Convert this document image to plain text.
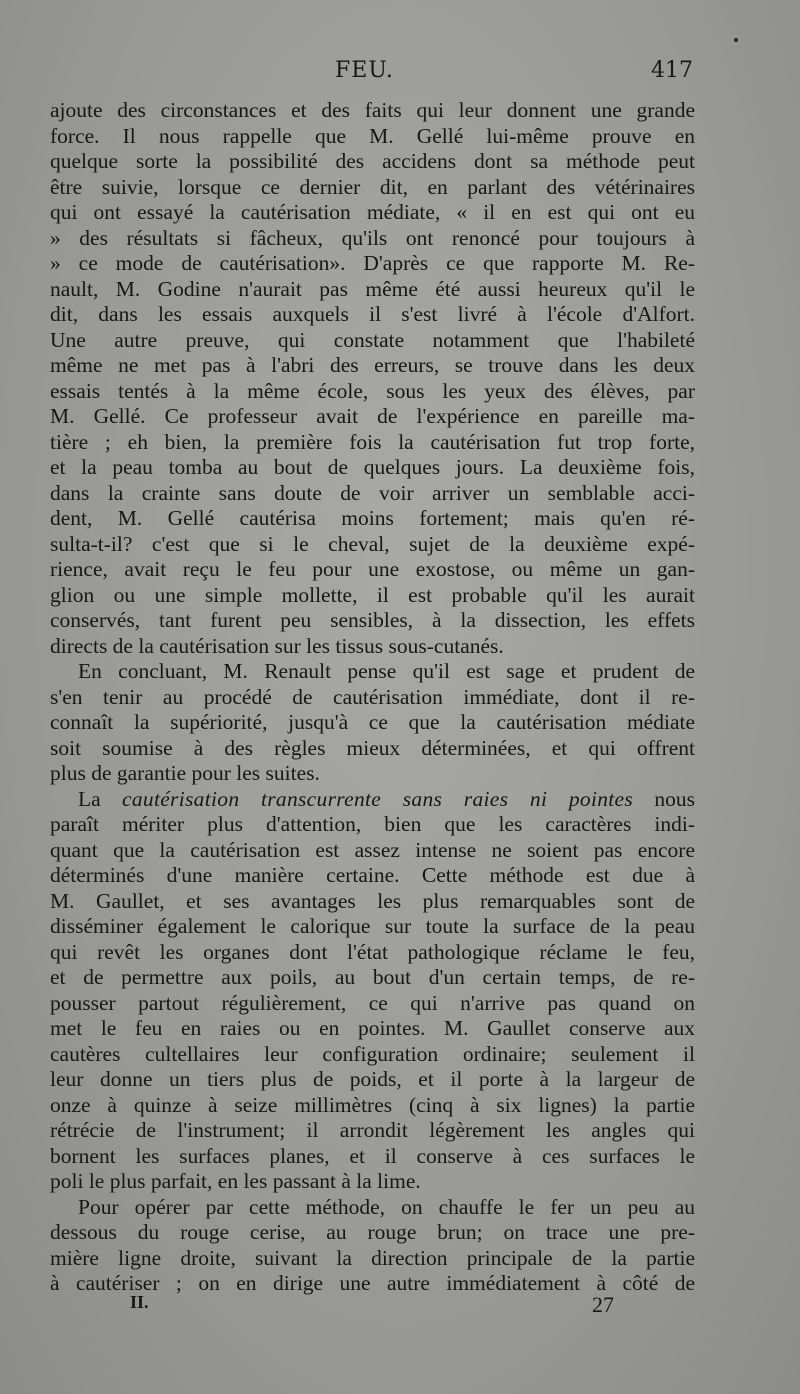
FEU.	417
ajoute des circonstances et des faits qui leur donnent une grande
force. Il nous rappelle que M. Gellé lui-même prouve en
quelque sorte la possibilité des accidens dont sa méthode peut
être suivie, lorsque ce dernier dit, en parlant des vétérinaires
qui ont essayé la cautérisation médiate, « il en est qui ont eu
» des résultats si fâcheux, qu'ils ont renoncé pour toujours à
» ce mode de cautérisation». D'après ce que rapporte M. Re-
nault, M. Godine n'aurait pas même été aussi heureux qu'il le
dit, dans les essais auxquels il s'est livré à l'école d'Alfort.
Une autre preuve, qui constate notamment que l'habileté
même ne met pas à l'abri des erreurs, se trouve dans les deux
essais tentés à la même école, sous les yeux des élèves, par
M. Gellé. Ce professeur avait de l'expérience en pareille ma-
tière ; eh bien, la première fois la cautérisation fut trop forte,
et la peau tomba au bout de quelques jours. La deuxième fois,
dans la crainte sans doute de voir arriver un semblable acci-
dent, M. Gellé cautérisa moins fortement; mais qu'en ré-
sulta-t-il? c'est que si le cheval, sujet de la deuxième expé-
rience, avait reçu le feu pour une exostose, ou même un gan-
glion ou une simple mollette, il est probable qu'il les aurait
conservés, tant furent peu sensibles, à la dissection, les effets
directs de la cautérisation sur les tissus sous-cutanés.
En concluant, M. Renault pense qu'il est sage et prudent de
s'en tenir au procédé de cautérisation immédiate, dont il re-
connaît la supériorité, jusqu'à ce que la cautérisation médiate
soit soumise à des règles mieux déterminées, et qui offrent
plus de garantie pour les suites.
La cautérisation transcurrente sans raies ni pointes nous
paraît mériter plus d'attention, bien que les caractères indi-
quant que la cautérisation est assez intense ne soient pas encore
déterminés d'une manière certaine. Cette méthode est due à
M. Gaullet, et ses avantages les plus remarquables sont de
disséminer également le calorique sur toute la surface de la peau
qui revêt les organes dont l'état pathologique réclame le feu,
et de permettre aux poils, au bout d'un certain temps, de re-
pousser partout régulièrement, ce qui n'arrive pas quand on
met le feu en raies ou en pointes. M. Gaullet conserve aux
cautères cultellaires leur configuration ordinaire; seulement il
leur donne un tiers plus de poids, et il porte à la largeur de
onze à quinze à seize millimètres (cinq à six lignes) la partie
rétrécie de l'instrument; il arrondit légèrement les angles qui
bornent les surfaces planes, et il conserve à ces surfaces le
poli le plus parfait, en les passant à la lime.
Pour opérer par cette méthode, on chauffe le fer un peu au
dessous du rouge cerise, au rouge brun; on trace une pre-
mière ligne droite, suivant la direction principale de la partie
à cautériser ; on en dirige une autre immédiatement à côté de
II.	27
